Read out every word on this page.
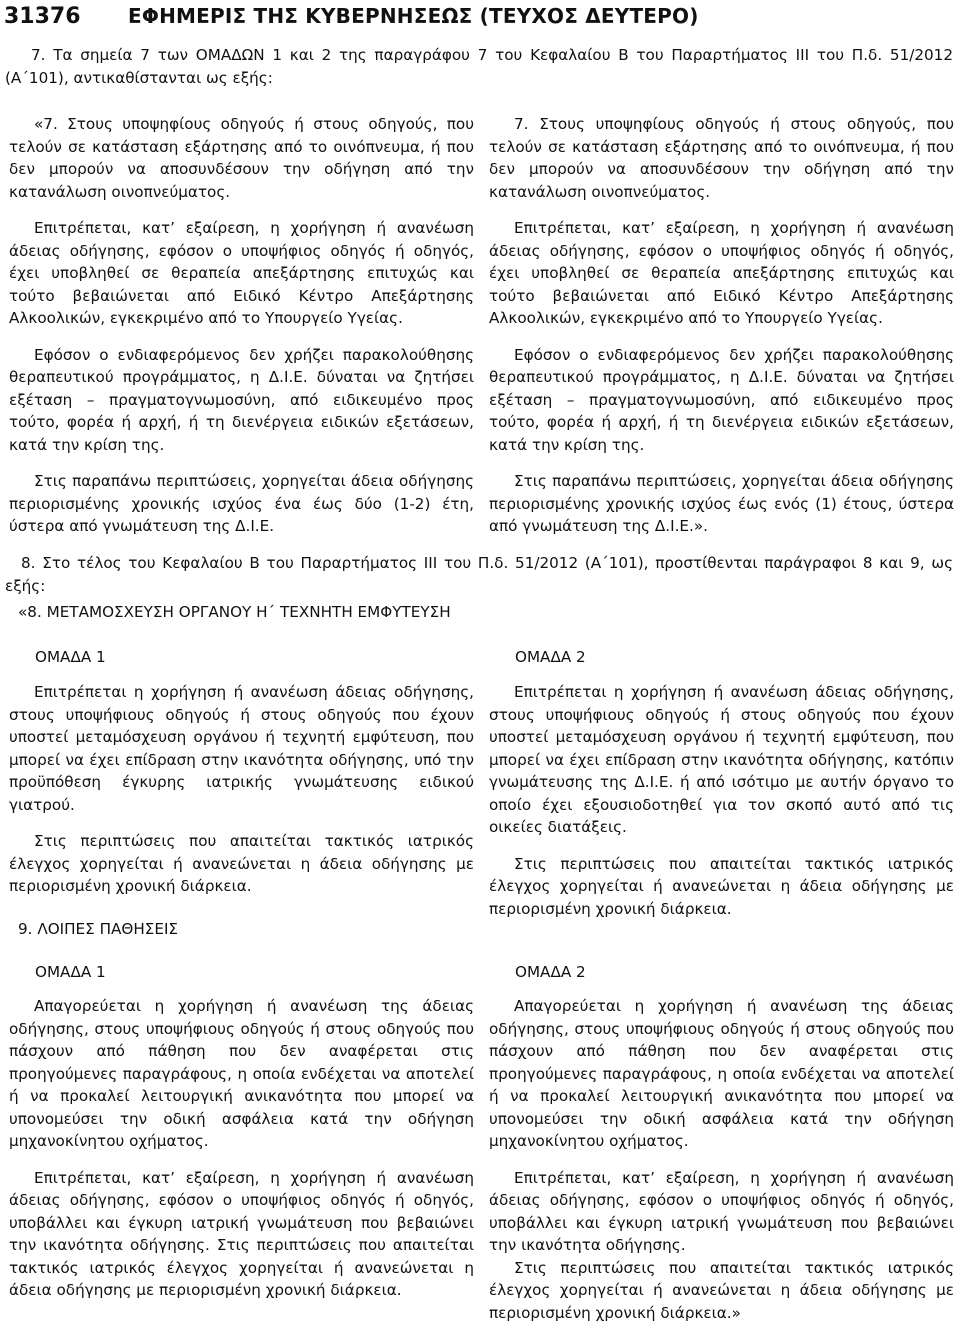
31376 ΕΦΗΜΕΡΙΣ ΤΗΣ ΚΥΒΕΡΝΗΣΕΩΣ (ΤΕΥΧΟΣ ΔΕΥΤΕΡΟ)
7. Τα σημεία 7 των ΟΜΑΔΩΝ 1 και 2 της παραγράφου 7 του Κεφαλαίου Β του Παραρτήματος ΙΙΙ του Π.δ. 51/2012 (Α΄101), αντικαθίστανται ως εξής:

«7. Στους υποψηφίους οδηγούς ή στους οδηγούς, που τελούν σε κατάσταση εξάρτησης από το οινόπνευμα, ή που δεν μπορούν να αποσυνδέσουν την οδήγηση από την κατανάλωση οινοπνεύματος.

Επιτρέπεται, κατ’ εξαίρεση, η χορήγηση ή ανανέωση άδειας οδήγησης, εφόσον ο υποψήφιος οδηγός ή οδηγός, έχει υποβληθεί σε θεραπεία απεξάρτησης επιτυχώς και τούτο βεβαιώνεται από Ειδικό Κέντρο Απεξάρτησης Αλκοολικών, εγκεκριμένο από το Υπουργείο Υγείας.

Εφόσον ο ενδιαφερόμενος δεν χρήζει παρακολούθησης θεραπευτικού προγράμματος, η Δ.Ι.Ε. δύναται να ζητήσει εξέταση – πραγματογνωμοσύνη, από ειδικευμένο προς τούτο, φορέα ή αρχή, ή τη διενέργεια ειδικών εξετάσεων, κατά την κρίση της.

Στις παραπάνω περιπτώσεις, χορηγείται άδεια οδήγησης περιορισμένης χρονικής ισχύος ένα έως δύο (1-2) έτη, ύστερα από γνωμάτευση της Δ.Ι.Ε.

7. Στους υποψηφίους οδηγούς ή στους οδηγούς, που τελούν σε κατάσταση εξάρτησης από το οινόπνευμα, ή που δεν μπορούν να αποσυνδέσουν την οδήγηση από την κατανάλωση οινοπνεύματος.

Επιτρέπεται, κατ’ εξαίρεση, η χορήγηση ή ανανέωση άδειας οδήγησης, εφόσον ο υποψήφιος οδηγός ή οδηγός, έχει υποβληθεί σε θεραπεία απεξάρτησης επιτυχώς και τούτο βεβαιώνεται από Ειδικό Κέντρο Απεξάρτησης Αλκοολικών, εγκεκριμένο από το Υπουργείο Υγείας.

Εφόσον ο ενδιαφερόμενος δεν χρήζει παρακολούθησης θεραπευτικού προγράμματος, η Δ.Ι.Ε. δύναται να ζητήσει εξέταση – πραγματογνωμοσύνη, από ειδικευμένο προς τούτο, φορέα ή αρχή, ή τη διενέργεια ειδικών εξετάσεων, κατά την κρίση της.

Στις παραπάνω περιπτώσεις, χορηγείται άδεια οδήγησης περιορισμένης χρονικής ισχύος έως ενός (1) έτους, ύστερα από γνωμάτευση της Δ.Ι.Ε.».

8. Στο τέλος του Κεφαλαίου Β του Παραρτήματος ΙΙΙ του Π.δ. 51/2012 (Α΄101), προστίθενται παράγραφοι 8 και 9, ως εξής:
«8. ΜΕΤΑΜΟΣΧΕΥΣΗ ΟΡΓΑΝΟΥ Η΄ ΤΕΧΝΗΤΗ ΕΜΦΥΤΕΥΣΗ
ΟΜΑΔΑ 1	ΟΜΑΔΑ 2

Επιτρέπεται η χορήγηση ή ανανέωση άδειας οδήγησης, στους υποψήφιους οδηγούς ή στους οδηγούς που έχουν υποστεί μεταμόσχευση οργάνου ή τεχνητή εμφύτευση, που μπορεί να έχει επίδραση στην ικανότητα οδήγησης, υπό την προϋπόθεση έγκυρης ιατρικής γνωμάτευσης ειδικού γιατρού.

Στις περιπτώσεις που απαιτείται τακτικός ιατρικός έλεγχος χορηγείται ή ανανεώνεται η άδεια οδήγησης με περιορισμένη χρονική διάρκεια.

Επιτρέπεται η χορήγηση ή ανανέωση άδειας οδήγησης, στους υποψήφιους οδηγούς ή στους οδηγούς που έχουν υποστεί μεταμόσχευση οργάνου ή τεχνητή εμφύτευση, που μπορεί να έχει επίδραση στην ικανότητα οδήγησης, κατόπιν γνωμάτευσης της Δ.Ι.Ε. ή από ισότιμο με αυτήν όργανο το οποίο έχει εξουσιοδοτηθεί για τον σκοπό αυτό από τις οικείες διατάξεις.

Στις περιπτώσεις που απαιτείται τακτικός ιατρικός έλεγχος χορηγείται ή ανανεώνεται η άδεια οδήγησης με περιορισμένη χρονική διάρκεια.

9. ΛΟΙΠΕΣ ΠΑΘΗΣΕΙΣ
ΟΜΑΔΑ 1	ΟΜΑΔΑ 2

Απαγορεύεται η χορήγηση ή ανανέωση της άδειας οδήγησης, στους υποψήφιους οδηγούς ή στους οδηγούς που πάσχουν από πάθηση που δεν αναφέρεται στις προηγούμενες παραγράφους, η οποία ενδέχεται να αποτελεί ή να προκαλεί λειτουργική ανικανότητα που μπορεί να υπονομεύσει την οδική ασφάλεια κατά την οδήγηση μηχανοκίνητου οχήματος.

Επιτρέπεται, κατ’ εξαίρεση, η χορήγηση ή ανανέωση άδειας οδήγησης, εφόσον ο υποψήφιος οδηγός ή οδηγός, υποβάλλει και έγκυρη ιατρική γνωμάτευση που βεβαιώνει την ικανότητα οδήγησης. Στις περιπτώσεις που απαιτείται τακτικός ιατρικός έλεγχος χορηγείται ή ανανεώνεται η άδεια οδήγησης με περιορισμένη χρονική διάρκεια.

Απαγορεύεται η χορήγηση ή ανανέωση της άδειας οδήγησης, στους υποψήφιους οδηγούς ή στους οδηγούς που πάσχουν από πάθηση που δεν αναφέρεται στις προηγούμενες παραγράφους, η οποία ενδέχεται να αποτελεί ή να προκαλεί λειτουργική ανικανότητα που μπορεί να υπονομεύσει την οδική ασφάλεια κατά την οδήγηση μηχανοκίνητου οχήματος.

Επιτρέπεται, κατ’ εξαίρεση, η χορήγηση ή ανανέωση άδειας οδήγησης, εφόσον ο υποψήφιος οδηγός ή οδηγός, υποβάλλει και έγκυρη ιατρική γνωμάτευση που βεβαιώνει την ικανότητα οδήγησης.

Στις περιπτώσεις που απαιτείται τακτικός ιατρικός έλεγχος χορηγείται ή ανανεώνεται η άδεια οδήγησης με περιορισμένη χρονική διάρκεια.»
